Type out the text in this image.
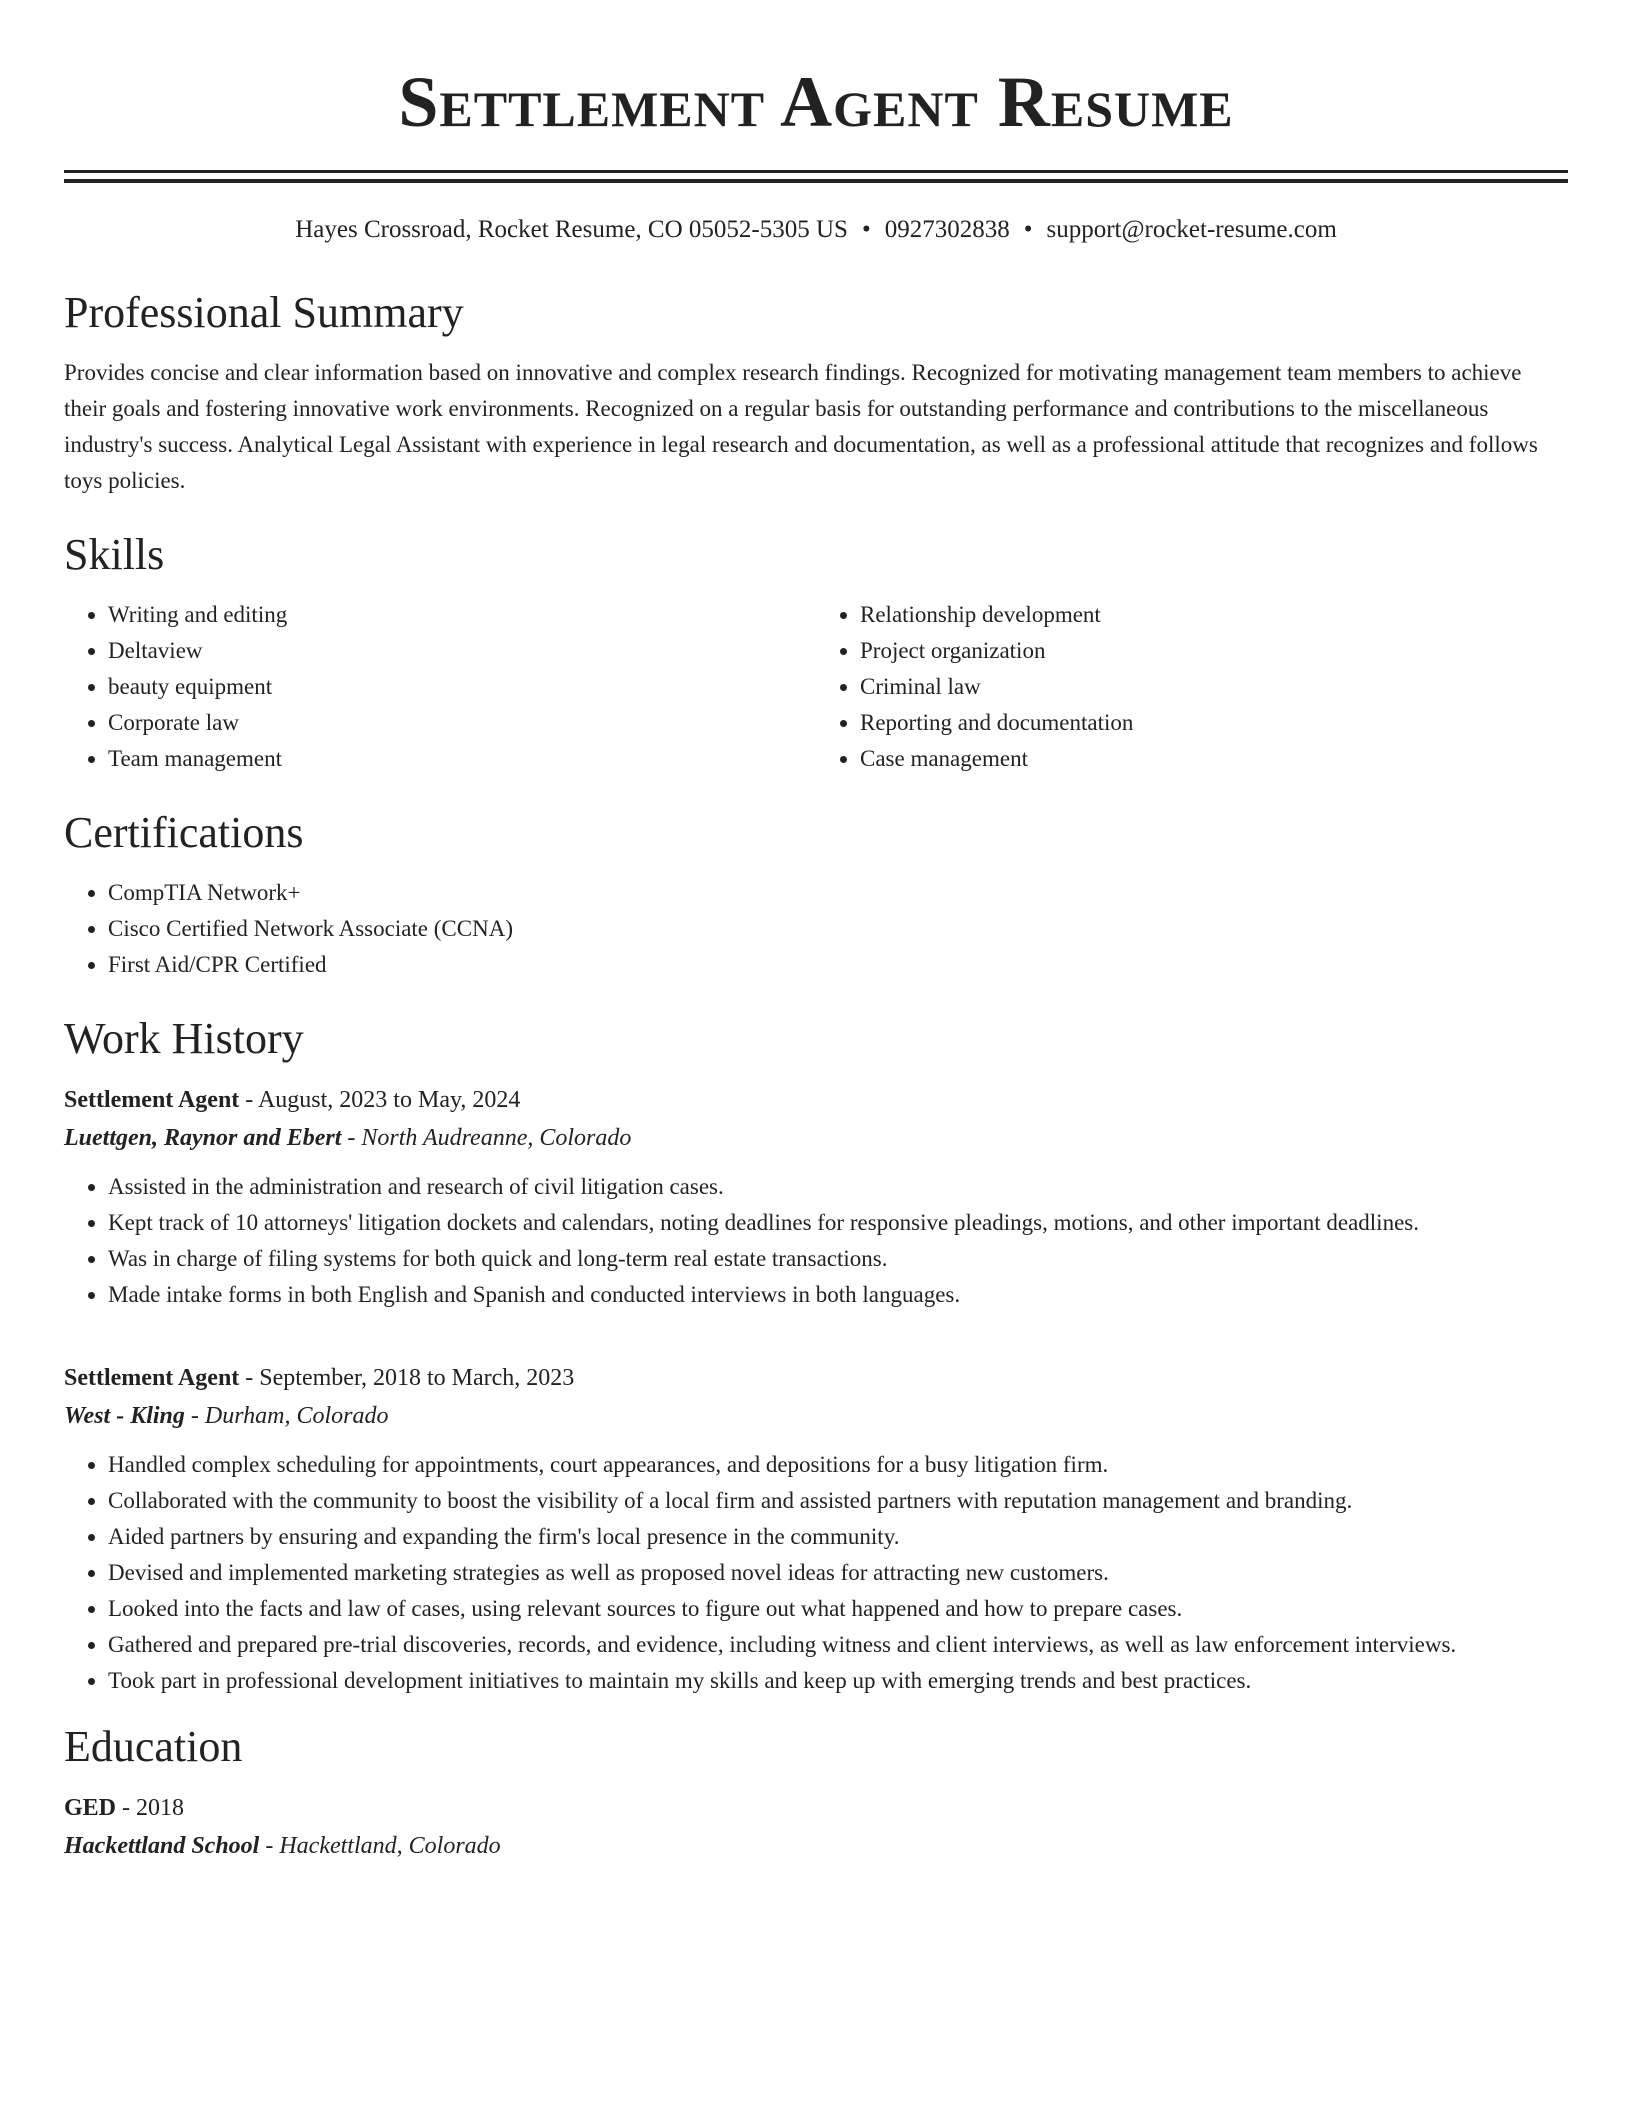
Settlement Agent Resume
Hayes Crossroad, Rocket Resume, CO 05052-5305 US • 0927302838 • support@rocket-resume.com
Professional Summary

Provides concise and clear information based on innovative and complex research findings. Recognized for motivating management team members to achieve their goals and fostering innovative work environments. Recognized on a regular basis for outstanding performance and contributions to the miscellaneous industry's success. Analytical Legal Assistant with experience in legal research and documentation, as well as a professional attitude that recognizes and follows toys policies.

Skills
• Writing and editing
• Deltaview
• beauty equipment
• Corporate law
• Team management
• Relationship development
• Project organization
• Criminal law
• Reporting and documentation
• Case management
Certifications
• CompTIA Network+
• Cisco Certified Network Associate (CCNA)
• First Aid/CPR Certified
Work History
Settlement Agent - August, 2023 to May, 2024
Luettgen, Raynor and Ebert - North Audreanne, Colorado
• Assisted in the administration and research of civil litigation cases.
• Kept track of 10 attorneys' litigation dockets and calendars, noting deadlines for responsive pleadings, motions, and other important deadlines.
• Was in charge of filing systems for both quick and long-term real estate transactions.
• Made intake forms in both English and Spanish and conducted interviews in both languages.
Settlement Agent - September, 2018 to March, 2023
West - Kling - Durham, Colorado
• Handled complex scheduling for appointments, court appearances, and depositions for a busy litigation firm.
• Collaborated with the community to boost the visibility of a local firm and assisted partners with reputation management and branding.
• Aided partners by ensuring and expanding the firm's local presence in the community.
• Devised and implemented marketing strategies as well as proposed novel ideas for attracting new customers.
• Looked into the facts and law of cases, using relevant sources to figure out what happened and how to prepare cases.
• Gathered and prepared pre-trial discoveries, records, and evidence, including witness and client interviews, as well as law enforcement interviews.
• Took part in professional development initiatives to maintain my skills and keep up with emerging trends and best practices.
Education
GED - 2018
Hackettland School - Hackettland, Colorado
